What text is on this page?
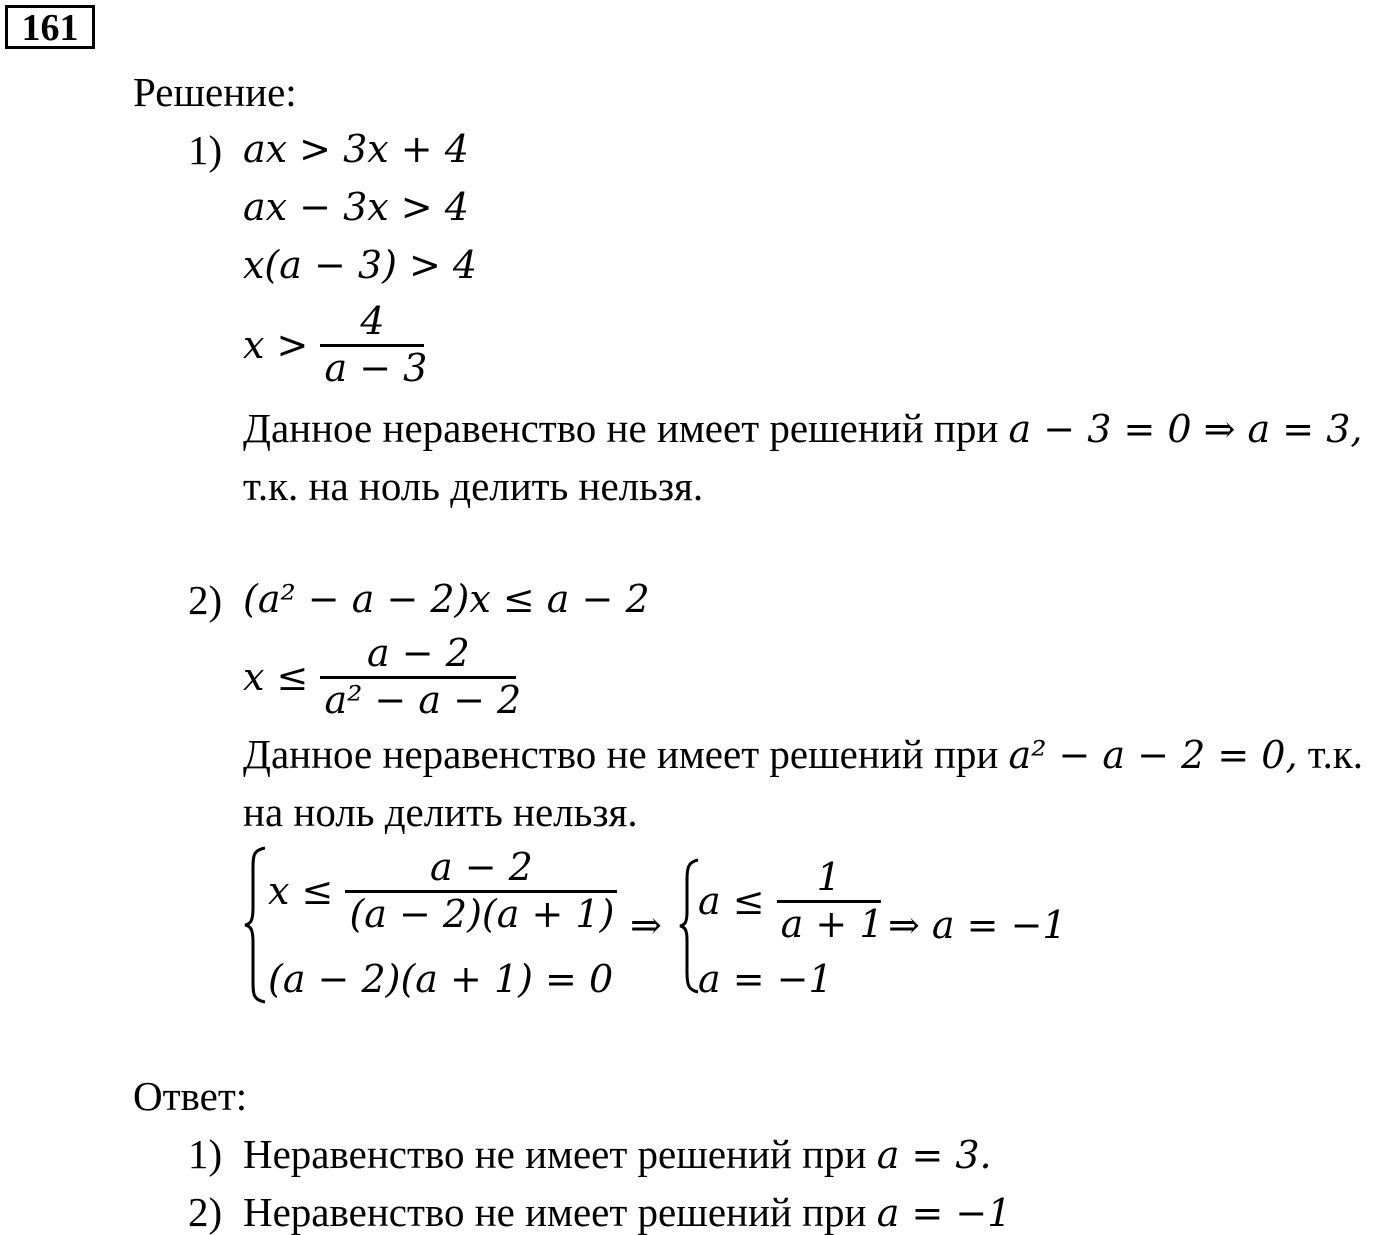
161
Решение:
1) ax > 3x + 4
ax − 3x > 4
x(a − 3) > 4
$x > \frac{4}{a - 3}$
Данное неравенство не имеет решений при a − 3 = 0 ⇒ a = 3,
т.к. на ноль делить нельзя.
2) (a² − a − 2)x ≤ a − 2
$x \le \frac{a - 2}{\text{a² − a − 2}}$
Данное неравенство не имеет решений при a² − a − 2 = 0, т.к.
на ноль делить нельзя.
$x \le \frac{a - 2}{(a - 2)(a + 1)}$
(a − 2)(a + 1) = 0
⇒
$a \le \frac{1}{a + 1}$
a = −1
⇒ a = −1
Ответ:
1) Неравенство не имеет решений при a = 3.
2) Неравенство не имеет решений при a = −1
